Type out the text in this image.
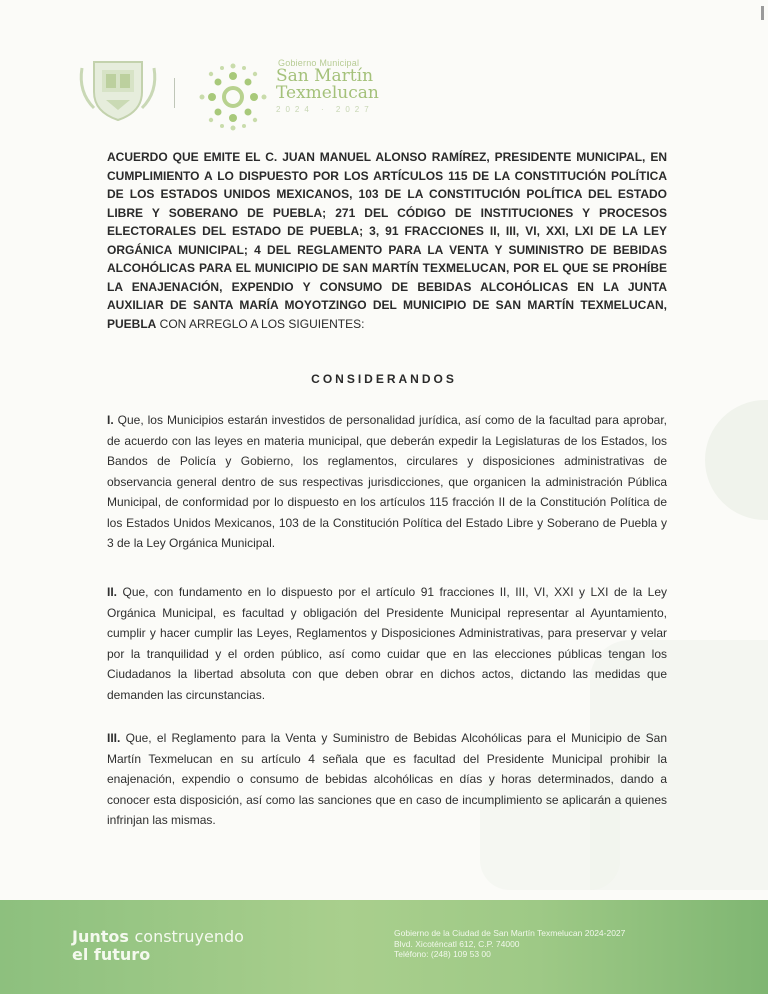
Gobierno Municipal
San Martín
Texmelucan
2024 · 2027
ACUERDO QUE EMITE EL C. JUAN MANUEL ALONSO RAMÍREZ, PRESIDENTE MUNICIPAL, EN CUMPLIMIENTO A LO DISPUESTO POR LOS ARTÍCULOS 115 DE LA CONSTITUCIÓN POLÍTICA DE LOS ESTADOS UNIDOS MEXICANOS, 103 DE LA CONSTITUCIÓN POLÍTICA DEL ESTADO LIBRE Y SOBERANO DE PUEBLA; 271 DEL CÓDIGO DE INSTITUCIONES Y PROCESOS ELECTORALES DEL ESTADO DE PUEBLA; 3, 91 FRACCIONES II, III, VI, XXI, LXI DE LA LEY ORGÁNICA MUNICIPAL; 4 DEL REGLAMENTO PARA LA VENTA Y SUMINISTRO DE BEBIDAS ALCOHÓLICAS PARA EL MUNICIPIO DE SAN MARTÍN TEXMELUCAN, POR EL QUE SE PROHÍBE LA ENAJENACIÓN, EXPENDIO Y CONSUMO DE BEBIDAS ALCOHÓLICAS EN LA JUNTA AUXILIAR DE SANTA MARÍA MOYOTZINGO DEL MUNICIPIO DE SAN MARTÍN TEXMELUCAN, PUEBLA CON ARREGLO A LOS SIGUIENTES:
CONSIDERANDOS
I. Que, los Municipios estarán investidos de personalidad jurídica, así como de la facultad para aprobar, de acuerdo con las leyes en materia municipal, que deberán expedir la Legislaturas de los Estados, los Bandos de Policía y Gobierno, los reglamentos, circulares y disposiciones administrativas de observancia general dentro de sus respectivas jurisdicciones, que organicen la administración Pública Municipal, de conformidad por lo dispuesto en los artículos 115 fracción II de la Constitución Política de los Estados Unidos Mexicanos, 103 de la Constitución Política del Estado Libre y Soberano de Puebla y 3 de la Ley Orgánica Municipal.
II. Que, con fundamento en lo dispuesto por el artículo 91 fracciones II, III, VI, XXI y LXI de la Ley Orgánica Municipal, es facultad y obligación del Presidente Municipal representar al Ayuntamiento, cumplir y hacer cumplir las Leyes, Reglamentos y Disposiciones Administrativas, para preservar y velar por la tranquilidad y el orden público, así como cuidar que en las elecciones públicas tengan los Ciudadanos la libertad absoluta con que deben obrar en dichos actos, dictando las medidas que demanden las circunstancias.
III. Que, el Reglamento para la Venta y Suministro de Bebidas Alcohólicas para el Municipio de San Martín Texmelucan en su artículo 4 señala que es facultad del Presidente Municipal prohibir la enajenación, expendio o consumo de bebidas alcohólicas en días y horas determinados, dando a conocer esta disposición, así como las sanciones que en caso de incumplimiento se aplicarán a quienes infrinjan las mismas.
Juntos construyendo
el futuro
Gobierno de la Ciudad de San Martín Texmelucan 2024-2027
Blvd. Xicoténcatl 612, C.P. 74000
Teléfono: (248) 109 53 00
